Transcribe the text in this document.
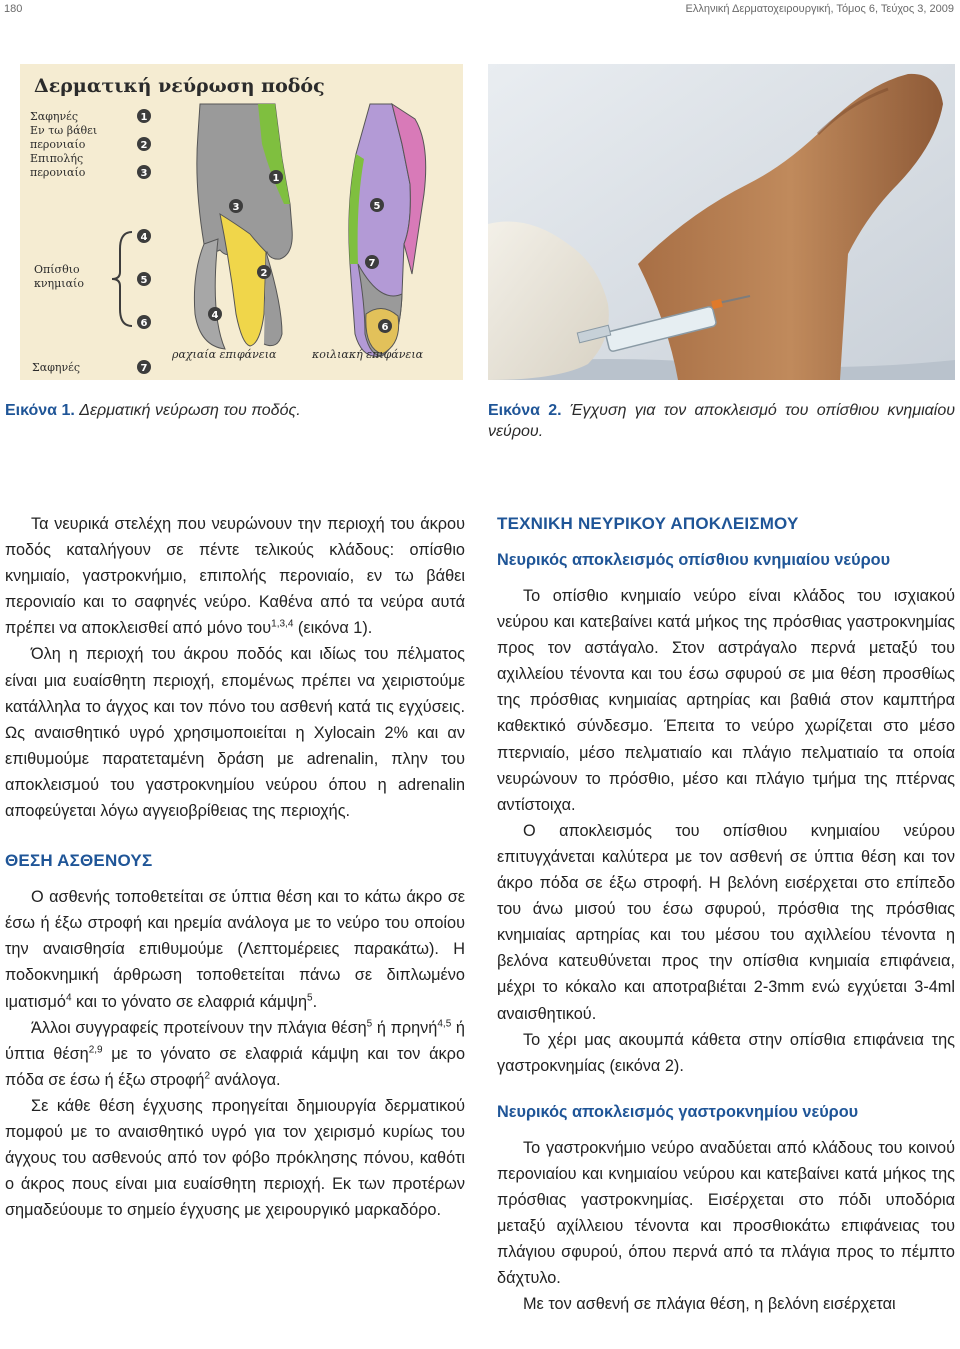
180	Ελληνική Δερματοχειρουργική, Τόμος 6, Τεύχος 3, 2009
Δερματική νεύρωση ποδός
Σαφηνές
Εν τω βάθει
περονιαίο
Επιπολής
περονιαίο
Οπίσθιο
κνημιαίο
Σαφηνές
1
2
3
4
5
6
7
1
3
4
2
5
7
6
ραχιαία επιφάνεια	κοιλιακή επιφάνεια
Εικόνα 1. Δερματική νεύρωση του ποδός.	Εικόνα 2. Έγχυση για τον αποκλεισμό του οπίσθιου κνημιαίου νεύρου.

Τα νευρικά στελέχη που νευρώνουν την περιοχή του άκρου ποδός καταλήγουν σε πέντε τελικούς κλάδους: οπίσθιο κνημιαίο, γαστροκνήμιο, επιπολής περονιαίο, εν τω βάθει περονιαίο και το σαφηνές νεύρο. Καθένα από τα νεύρα αυτά πρέπει να αποκλεισθεί από μόνο του$^{1,3,4}$ (εικόνα 1).

Όλη η περιοχή του άκρου ποδός και ιδίως του πέλματος είναι μια ευαίσθητη περιοχή, επομένως πρέπει να χειριστούμε κατάλληλα το άγχος και τον πόνο του ασθενή κατά τις εγχύσεις. Ως αναισθητικό υγρό χρησιμοποιείται η Xylocain 2% και αν επιθυμούμε παρατεταμένη δράση με adrenalin, πλην του αποκλεισμού του γαστροκνημίου νεύρου όπου η adrenalin αποφεύγεται λόγω αγγειοβρίθειας της περιοχής.

ΘΕΣΗ ΑΣΘΕΝΟΥΣ

Ο ασθενής τοποθετείται σε ύπτια θέση και το κάτω άκρο σε έσω ή έξω στροφή και ηρεμία ανάλογα με το νεύρο του οποίου την αναισθησία επιθυμούμε (Λεπτομέρειες παρακάτω). Η ποδοκνημική άρθρωση τοποθετείται πάνω σε διπλωμένο ιματισμό$^4$ και το γόνατο σε ελαφριά κάμψη$^5$.

Άλλοι συγγραφείς προτείνουν την πλάγια θέση$^5$ ή πρηνή$^{4,5}$ ή ύπτια θέση$^{2,9}$ με το γόνατο σε ελαφριά κάμψη και τον άκρο πόδα σε έσω ή έξω στροφή$^2$ ανάλογα.

Σε κάθε θέση έγχυσης προηγείται δημιουργία δερματικού πομφού με το αναισθητικό υγρό για τον χειρισμό κυρίως του άγχους του ασθενούς από τον φόβο πρόκλησης πόνου, καθότι ο άκρος πους είναι μια ευαίσθητη περιοχή. Εκ των προτέρων σημαδεύουμε το σημείο έγχυσης με χειρουργικό μαρκαδόρο.

ΤΕΧΝΙΚΗ ΝΕΥΡΙΚΟΥ ΑΠΟΚΛΕΙΣΜΟΥ

Νευρικός αποκλεισμός οπίσθιου κνημιαίου νεύρου

Το οπίσθιο κνημιαίο νεύρο είναι κλάδος του ισχιακού νεύρου και κατεβαίνει κατά μήκος της πρόσθιας γαστροκνημίας προς τον αστάγαλο. Στον αστράγαλο περνά μεταξύ του αχιλλείου τένοντα και του έσω σφυρού σε μια θέση προσθίως της πρόσθιας κνημιαίας αρτηρίας και βαθιά στον καμπτήρα καθεκτικό σύνδεσμο. Έπειτα το νεύρο χωρίζεται στο μέσο πτερνιαίο, μέσο πελματιαίο και πλάγιο πελματιαίο τα οποία νευρώνουν το πρόσθιο, μέσο και πλάγιο τμήμα της πτέρνας αντίστοιχα.

Ο αποκλεισμός του οπίσθιου κνημιαίου νεύρου επιτυγχάνεται καλύτερα με τον ασθενή σε ύπτια θέση και τον άκρο πόδα σε έξω στροφή. Η βελόνη εισέρχεται στο επίπεδο του άνω μισού του έσω σφυρού, πρόσθια της πρόσθιας κνημιαίας αρτηρίας και του μέσου του αχιλλείου τένοντα η βελόνα κατευθύνεται προς την οπίσθια κνημιαία επιφάνεια, μέχρι το κόκαλο και αποτραβιέται 2-3mm ενώ εγχύεται 3-4ml αναισθητικού.

Το χέρι μας ακουμπά κάθετα στην οπίσθια επιφάνεια της γαστροκνημίας (εικόνα 2).

Νευρικός αποκλεισμός γαστροκνημίου νεύρου

Το γαστροκνήμιο νεύρο αναδύεται από κλάδους του κοινού περονιαίου και κνημιαίου νεύρου και κατεβαίνει κατά μήκος της πρόσθιας γαστροκνημίας. Εισέρχεται στο πόδι υποδόρια μεταξύ αχίλλειου τένοντα και προσθιοκάτω επιφάνειας του πλάγιου σφυρού, όπου περνά από τα πλάγια προς το πέμπτο δάχτυλο.

Με τον ασθενή σε πλάγια θέση, η βελόνη εισέρχεται
